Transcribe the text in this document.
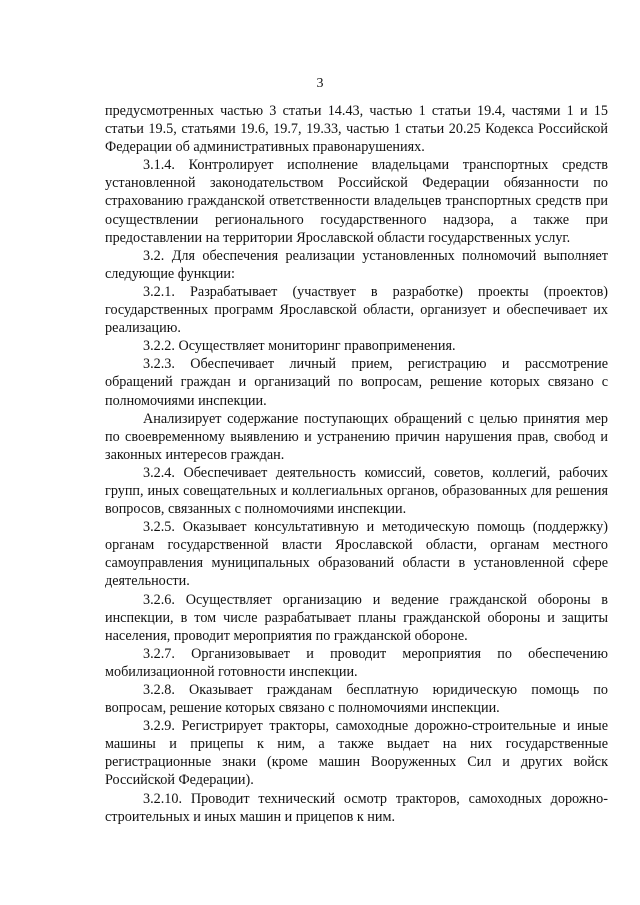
3

предусмотренных частью 3 статьи 14.43, частью 1 статьи 19.4, частями 1 и 15 статьи 19.5, статьями 19.6, 19.7, 19.33, частью 1 статьи 20.25 Кодекса Российской Федерации об административных правонарушениях.

3.1.4. Контролирует исполнение владельцами транспортных средств установленной законодательством Российской Федерации обязанности по страхованию гражданской ответственности владельцев транспортных средств при осуществлении регионального государственного надзора, а также при предоставлении на территории Ярославской области государственных услуг.

3.2. Для обеспечения реализации установленных полномочий выполняет следующие функции:

3.2.1. Разрабатывает (участвует в разработке) проекты (проектов) государственных программ Ярославской области, организует и обеспечивает их реализацию.

3.2.2. Осуществляет мониторинг правоприменения.

3.2.3. Обеспечивает личный прием, регистрацию и рассмотрение обращений граждан и организаций по вопросам, решение которых связано с полномочиями инспекции.

Анализирует содержание поступающих обращений с целью принятия мер по своевременному выявлению и устранению причин нарушения прав, свобод и законных интересов граждан.

3.2.4. Обеспечивает деятельность комиссий, советов, коллегий, рабочих групп, иных совещательных и коллегиальных органов, образованных для решения вопросов, связанных с полномочиями инспекции.

3.2.5. Оказывает консультативную и методическую помощь (поддержку) органам государственной власти Ярославской области, органам местного самоуправления муниципальных образований области в установленной сфере деятельности.

3.2.6. Осуществляет организацию и ведение гражданской обороны в инспекции, в том числе разрабатывает планы гражданской обороны и защиты населения, проводит мероприятия по гражданской обороне.

3.2.7. Организовывает и проводит мероприятия по обеспечению мобилизационной готовности инспекции.

3.2.8. Оказывает гражданам бесплатную юридическую помощь по вопросам, решение которых связано с полномочиями инспекции.

3.2.9. Регистрирует тракторы, самоходные дорожно-строительные и иные машины и прицепы к ним, а также выдает на них государственные регистрационные знаки (кроме машин Вооруженных Сил и других войск Российской Федерации).

3.2.10. Проводит технический осмотр тракторов, самоходных дорожно-строительных и иных машин и прицепов к ним.
